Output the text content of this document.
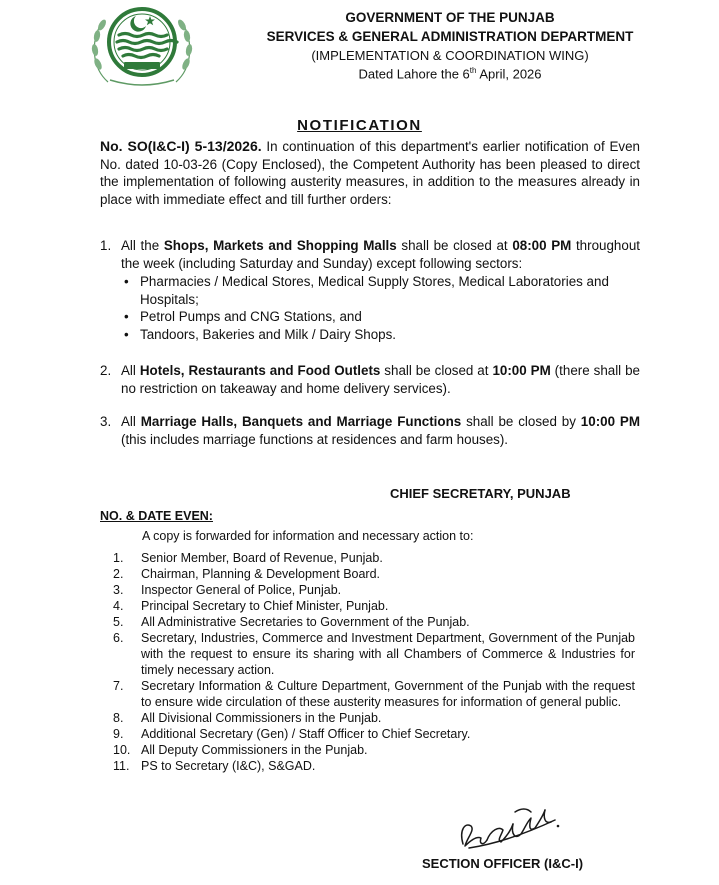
GOVERNMENT OF THE PUNJAB
SERVICES & GENERAL ADMINISTRATION DEPARTMENT
(IMPLEMENTATION & COORDINATION WING)
Dated Lahore the 6th April, 2026
NOTIFICATION
No. SO(I&C-I) 5-13/2026. In continuation of this department's earlier notification of Even No. dated 10-03-26 (Copy Enclosed), the Competent Authority has been pleased to direct the implementation of following austerity measures, in addition to the measures already in place with immediate effect and till further orders:
1. All the Shops, Markets and Shopping Malls shall be closed at 08:00 PM throughout the week (including Saturday and Sunday) except following sectors:
• Pharmacies / Medical Stores, Medical Supply Stores, Medical Laboratories and Hospitals;
• Petrol Pumps and CNG Stations, and
• Tandoors, Bakeries and Milk / Dairy Shops.
2. All Hotels, Restaurants and Food Outlets shall be closed at 10:00 PM (there shall be no restriction on takeaway and home delivery services).
3. All Marriage Halls, Banquets and Marriage Functions shall be closed by 10:00 PM (this includes marriage functions at residences and farm houses).
CHIEF SECRETARY, PUNJAB
NO. & DATE EVEN:
A copy is forwarded for information and necessary action to:
1. Senior Member, Board of Revenue, Punjab.
2. Chairman, Planning & Development Board.
3. Inspector General of Police, Punjab.
4. Principal Secretary to Chief Minister, Punjab.
5. All Administrative Secretaries to Government of the Punjab.
6. Secretary, Industries, Commerce and Investment Department, Government of the Punjab with the request to ensure its sharing with all Chambers of Commerce & Industries for timely necessary action.
7. Secretary Information & Culture Department, Government of the Punjab with the request to ensure wide circulation of these austerity measures for information of general public.
8. All Divisional Commissioners in the Punjab.
9. Additional Secretary (Gen) / Staff Officer to Chief Secretary.
10. All Deputy Commissioners in the Punjab.
11. PS to Secretary (I&C), S&GAD.
SECTION OFFICER (I&C-I)
